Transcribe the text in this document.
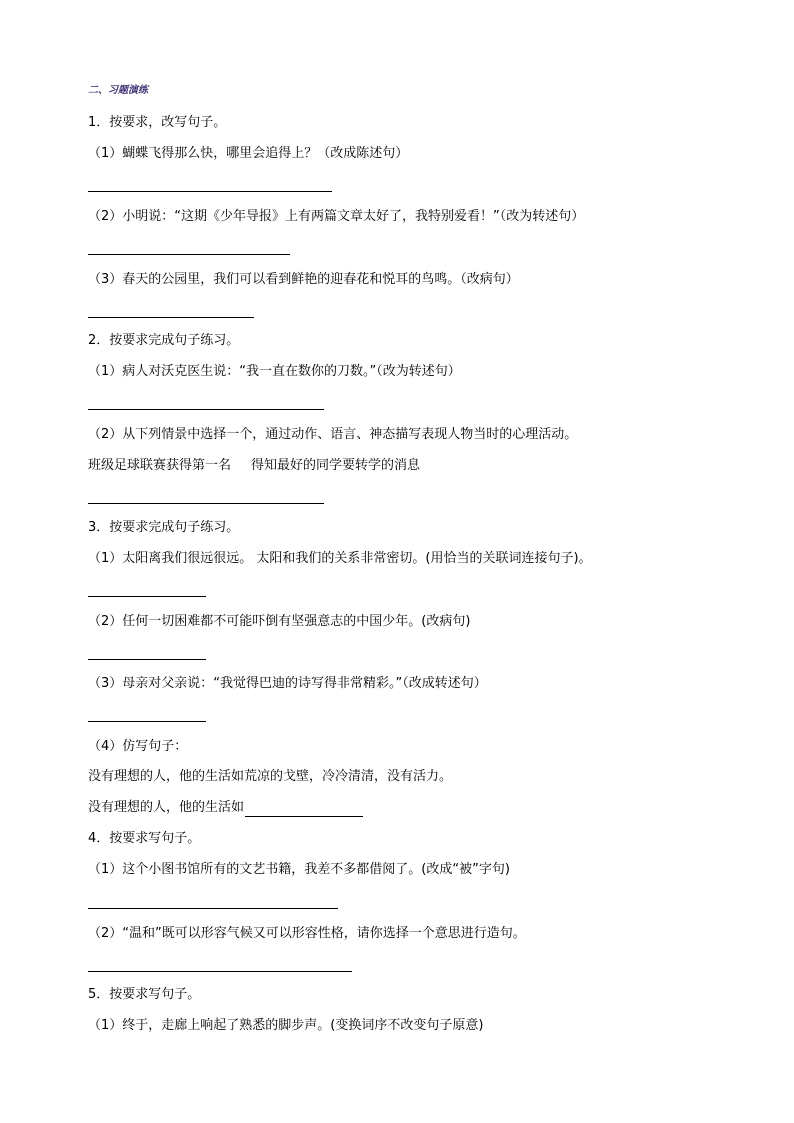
二、习题演练
1．按要求，改写句子。
（1）蝴蝶飞得那么快，哪里会追得上？（改成陈述句）
（2）小明说：“这期《少年导报》上有两篇文章太好了，我特别爱看！”（改为转述句）
（3）春天的公园里，我们可以看到鲜艳的迎春花和悦耳的鸟鸣。（改病句）
2．按要求完成句子练习。
（1）病人对沃克医生说：“我一直在数你的刀数。”（改为转述句）
（2）从下列情景中选择一个，通过动作、语言、神态描写表现人物当时的心理活动。
班级足球联赛获得第一名 得知最好的同学要转学的消息
3．按要求完成句子练习。
（1）太阳离我们很远很远。 太阳和我们的关系非常密切。(用恰当的关联词连接句子)。
（2）任何一切困难都不可能吓倒有坚强意志的中国少年。(改病句)
（3）母亲对父亲说：“我觉得巴迪的诗写得非常精彩。”（改成转述句）
（4）仿写句子：
没有理想的人，他的生活如荒凉的戈壁，冷冷清清，没有活力。
没有理想的人，他的生活如
4．按要求写句子。
（1）这个小图书馆所有的文艺书籍，我差不多都借阅了。(改成“被”字句)
（2）“温和”既可以形容气候又可以形容性格，请你选择一个意思进行造句。
5．按要求写句子。
（1）终于，走廊上响起了熟悉的脚步声。(变换词序不改变句子原意)
